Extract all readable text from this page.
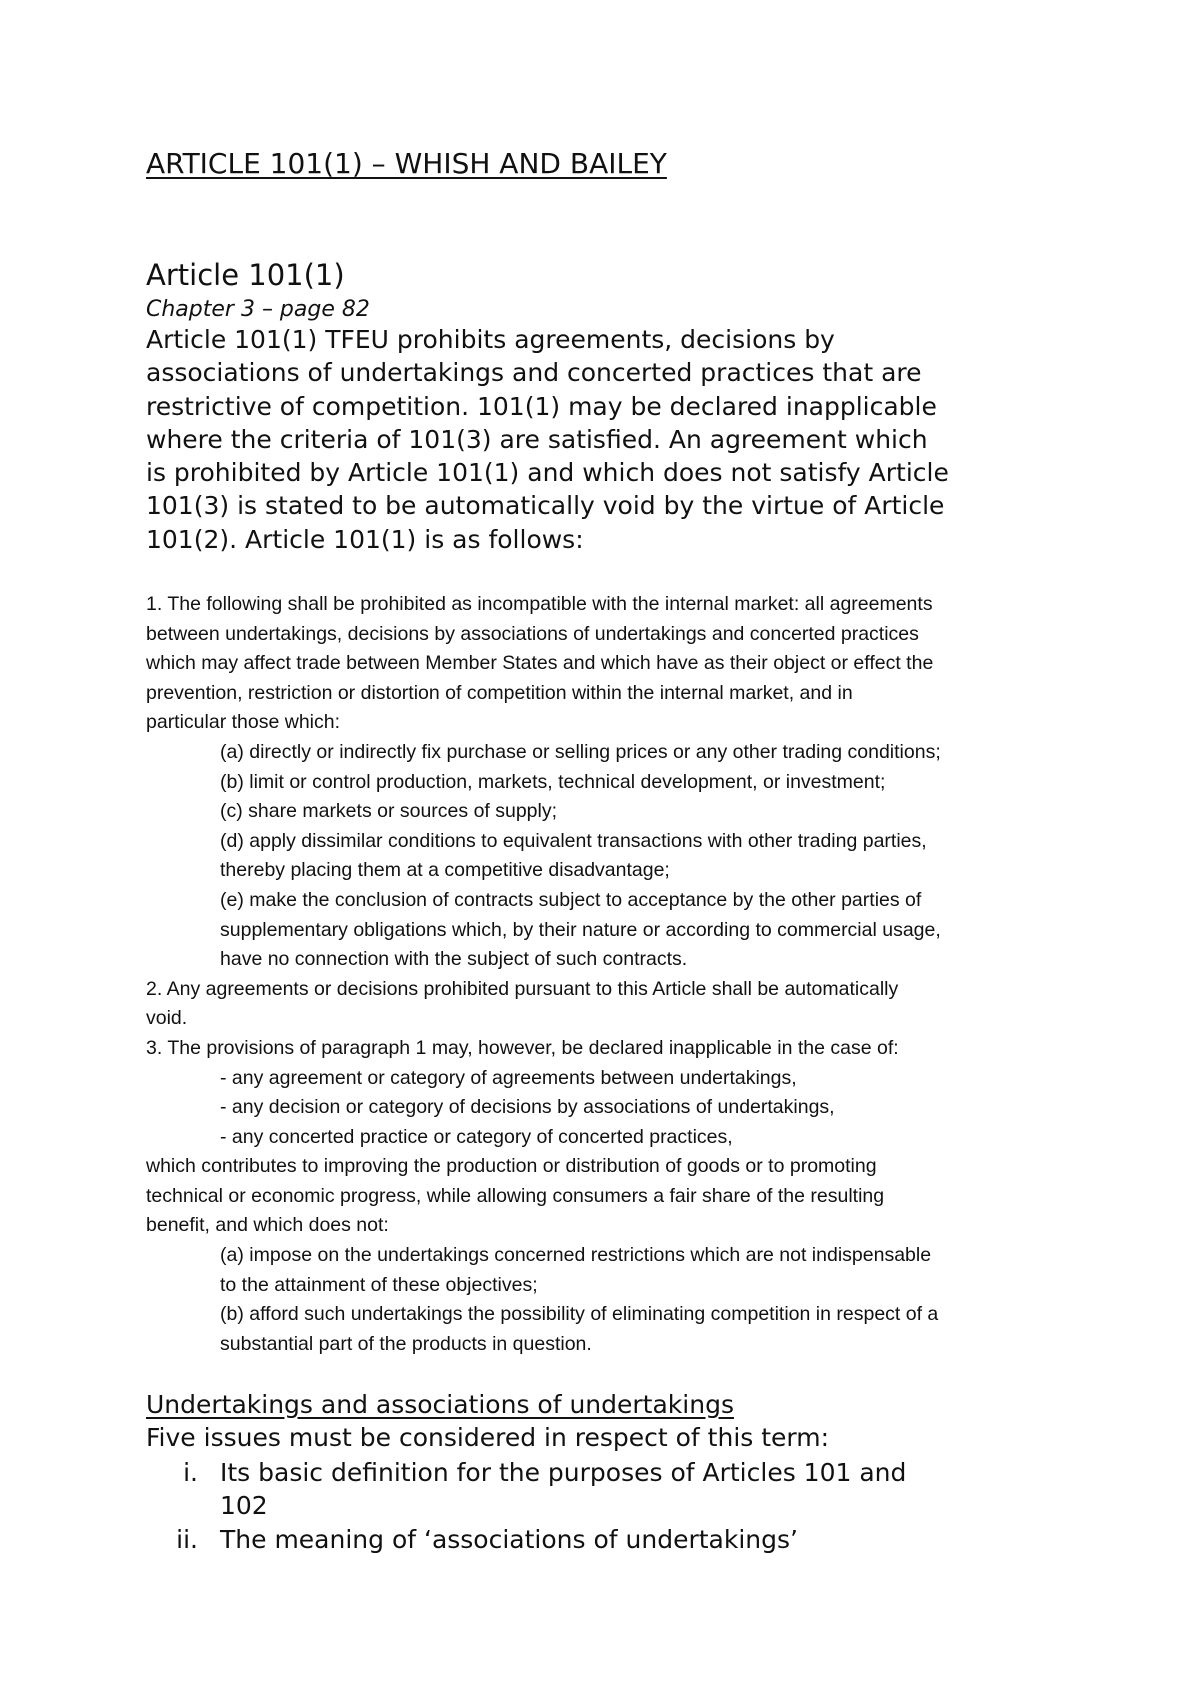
ARTICLE 101(1) – WHISH AND BAILEY
Article 101(1)
Chapter 3 – page 82
Article 101(1) TFEU prohibits agreements, decisions by
associations of undertakings and concerted practices that are
restrictive of competition. 101(1) may be declared inapplicable
where the criteria of 101(3) are satisfied. An agreement which
is prohibited by Article 101(1) and which does not satisfy Article
101(3) is stated to be automatically void by the virtue of Article
101(2). Article 101(1) is as follows:
1. The following shall be prohibited as incompatible with the internal market: all agreements
between undertakings, decisions by associations of undertakings and concerted practices
which may affect trade between Member States and which have as their object or effect the
prevention, restriction or distortion of competition within the internal market, and in
particular those which:
(a) directly or indirectly fix purchase or selling prices or any other trading conditions;
(b) limit or control production, markets, technical development, or investment;
(c) share markets or sources of supply;
(d) apply dissimilar conditions to equivalent transactions with other trading parties,
thereby placing them at a competitive disadvantage;
(e) make the conclusion of contracts subject to acceptance by the other parties of
supplementary obligations which, by their nature or according to commercial usage,
have no connection with the subject of such contracts.
2. Any agreements or decisions prohibited pursuant to this Article shall be automatically
void.
3. The provisions of paragraph 1 may, however, be declared inapplicable in the case of:
- any agreement or category of agreements between undertakings,
- any decision or category of decisions by associations of undertakings,
- any concerted practice or category of concerted practices,
which contributes to improving the production or distribution of goods or to promoting
technical or economic progress, while allowing consumers a fair share of the resulting
benefit, and which does not:
(a) impose on the undertakings concerned restrictions which are not indispensable
to the attainment of these objectives;
(b) afford such undertakings the possibility of eliminating competition in respect of a
substantial part of the products in question.
Undertakings and associations of undertakings
Five issues must be considered in respect of this term:
i. Its basic definition for the purposes of Articles 101 and
102
ii. The meaning of ‘associations of undertakings’
